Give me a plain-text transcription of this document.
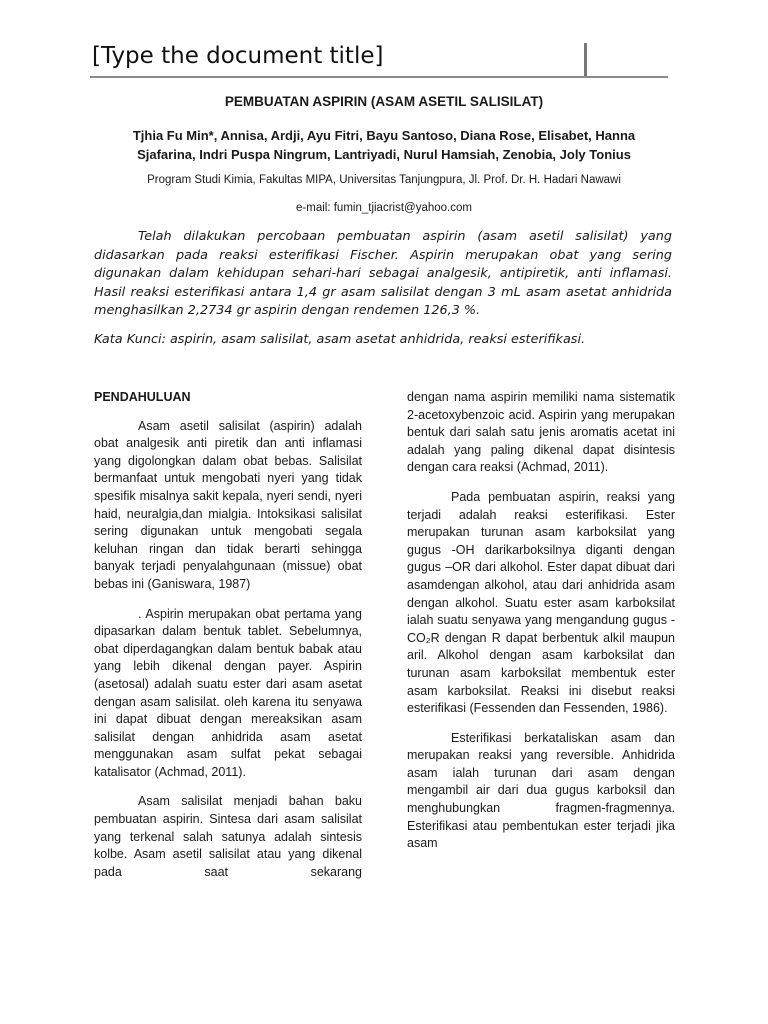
[Type the document title]
PEMBUATAN ASPIRIN (ASAM ASETIL SALISILAT)
Tjhia Fu Min*, Annisa, Ardji, Ayu Fitri, Bayu Santoso, Diana Rose, Elisabet, Hanna
Sjafarina, Indri Puspa Ningrum, Lantriyadi, Nurul Hamsiah, Zenobia, Joly Tonius
Program Studi Kimia, Fakultas MIPA, Universitas Tanjungpura, Jl. Prof. Dr. H. Hadari Nawawi
e-mail: fumin_tjiacrist@yahoo.com

Telah dilakukan percobaan pembuatan aspirin (asam asetil salisilat) yang didasarkan pada reaksi esterifikasi Fischer. Aspirin merupakan obat yang sering digunakan dalam kehidupan sehari-hari sebagai analgesik, antipiretik, anti inflamasi. Hasil reaksi esterifikasi antara 1,4 gr asam salisilat dengan 3 mL asam asetat anhidrida menghasilkan 2,2734 gr aspirin dengan rendemen 126,3 %.

Kata Kunci: aspirin, asam salisilat, asam asetat anhidrida, reaksi esterifikasi.

PENDAHULUAN

Asam asetil salisilat (aspirin) adalah obat analgesik anti piretik dan anti inflamasi yang digolongkan dalam obat bebas. Salisilat bermanfaat untuk mengobati nyeri yang tidak spesifik misalnya sakit kepala, nyeri sendi, nyeri haid, neuralgia,dan mialgia. Intoksikasi salisilat sering digunakan untuk mengobati segala keluhan ringan dan tidak berarti sehingga banyak terjadi penyalahgunaan (missue) obat bebas ini (Ganiswara, 1987)

. Aspirin merupakan obat pertama yang dipasarkan dalam bentuk tablet. Sebelumnya, obat diperdagangkan dalam bentuk babak atau yang lebih dikenal dengan payer. Aspirin (asetosal) adalah suatu ester dari asam asetat dengan asam salisilat. oleh karena itu senyawa ini dapat dibuat dengan mereaksikan asam salisilat dengan anhidrida asam asetat menggunakan asam sulfat pekat sebagai katalisator (Achmad, 2011).

Asam salisilat menjadi bahan baku pembuatan aspirin. Sintesa dari asam salisilat yang terkenal salah satunya adalah sintesis kolbe. Asam asetil salisilat atau yang dikenal pada saat sekarang

dengan nama aspirin memiliki nama sistematik 2-acetoxybenzoic acid. Aspirin yang merupakan bentuk dari salah satu jenis aromatis acetat ini adalah yang paling dikenal dapat disintesis dengan cara reaksi (Achmad, 2011).

Pada pembuatan aspirin, reaksi yang terjadi adalah reaksi esterifikasi. Ester merupakan turunan asam karboksilat yang gugus -OH darikarboksilnya diganti dengan gugus –OR dari alkohol. Ester dapat dibuat dari asamdengan alkohol, atau dari anhidrida asam dengan alkohol. Suatu ester asam karboksilat ialah suatu senyawa yang mengandung gugus -CO₂R dengan R dapat berbentuk alkil maupun aril. Alkohol dengan asam karboksilat dan turunan asam karboksilat membentuk ester asam karboksilat. Reaksi ini disebut reaksi esterifikasi (Fessenden dan Fessenden, 1986).

Esterifikasi berkataliskan asam dan merupakan reaksi yang reversible. Anhidrida asam ialah turunan dari asam dengan mengambil air dari dua gugus karboksil dan menghubungkan fragmen-fragmennya. Esterifikasi atau pembentukan ester terjadi jika asam
